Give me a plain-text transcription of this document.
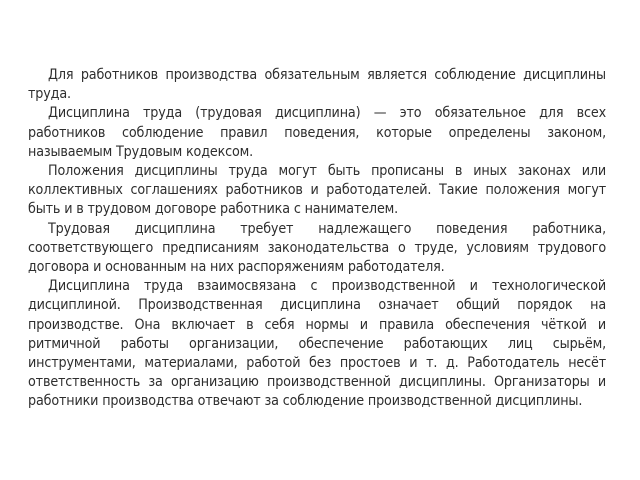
Для работников производства обязательным является соблюдение дисциплины труда.

Дисциплина труда (трудовая дисциплина) — это обязательное для всех работников соблюдение правил поведения, которые определены законом, называемым Трудовым кодексом.

Положения дисциплины труда могут быть прописаны в иных законах или коллективных соглашениях работников и работодателей. Такие положения могут быть и в трудовом договоре работника с нанимателем.

Трудовая дисциплина требует надлежащего поведения работника, соответствующего предписаниям законодательства о труде, условиям трудового договора и основанным на них распоряжениям работодателя.

Дисциплина труда взаимосвязана с производственной и технологической дисциплиной. Производственная дисциплина означает общий порядок на производстве. Она включает в себя нормы и правила обеспечения чёткой и ритмичной работы организации, обеспечение работающих лиц сырьём, инструментами, материалами, работой без простоев и т. д. Работодатель несёт ответственность за организацию производственной дисциплины. Организаторы и работники производства отвечают за соблюдение производственной дисциплины.
